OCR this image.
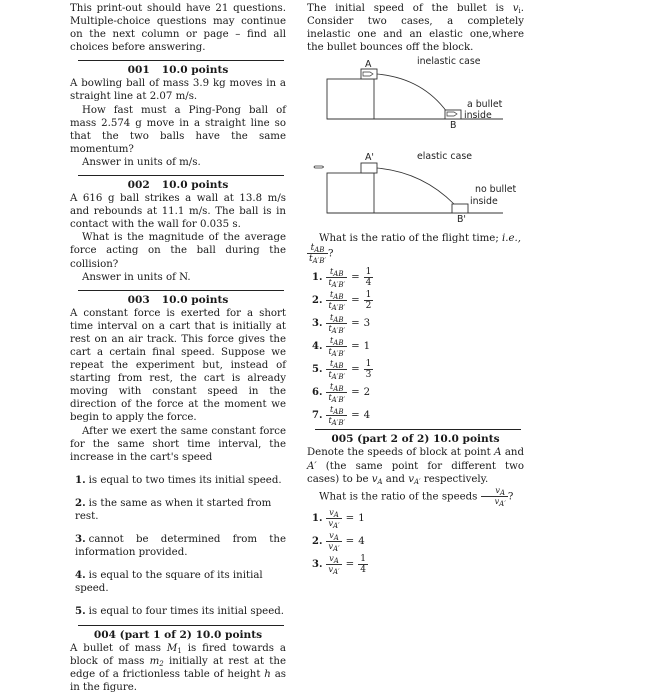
This print-out should have 21 questions. Multiple-choice questions may continue on the next column or page – find all choices before answering.

001 10.0 points

A bowling ball of mass 3.9 kg moves in a straight line at 2.07 m/s.

How fast must a Ping-Pong ball of mass 2.574 g move in a straight line so that the two balls have the same momentum?

Answer in units of m/s.

002 10.0 points

A 616 g ball strikes a wall at 13.8 m/s and rebounds at 11.1 m/s. The ball is in contact with the wall for 0.035 s.

What is the magnitude of the average force acting on the ball during the collision?

Answer in units of N.

003 10.0 points

A constant force is exerted for a short time interval on a cart that is initially at rest on an air track. This force gives the cart a certain final speed. Suppose we repeat the experiment but, instead of starting from rest, the cart is already moving with constant speed in the direction of the force at the moment we begin to apply the force.

After we exert the same constant force for the same short time interval, the increase in the cart's speed

1. is equal to two times its initial speed.
2. is the same as when it started from rest.
3. cannot be determined from the information provided.
4. is equal to the square of its initial speed.
5. is equal to four times its initial speed.
004 (part 1 of 2) 10.0 points

A bullet of mass $M_1$ is fired towards a block of mass $m_2$ initially at rest at the edge of a frictionless table of height h as in the figure.

The initial speed of the bullet is $v_i$. Consider two cases, a completely inelastic one and an elastic one,where the bullet bounces off the block.

inelastic case
A
a bullet
inside
B
elastic case
A'
no bullet
inside
B'

What is the ratio of the flight time; i.e.,

$\frac{t_{AB}}{t_{A'B'}}$ ?
1. $\frac{t_{AB}}{t_{A'B'}} = \frac{1}{4}$
2. $\frac{t_{AB}}{t_{A'B'}} = \frac{1}{2}$
3. $\frac{t_{AB}}{t_{A'B'}} = 3$
4. $\frac{t_{AB}}{t_{A'B'}} = 1$
5. $\frac{t_{AB}}{t_{A'B'}} = \frac{1}{3}$
6. $\frac{t_{AB}}{t_{A'B'}} = 2$
7. $\frac{t_{AB}}{t_{A'B'}} = 4$
005 (part 2 of 2) 10.0 points

Denote the speeds of block at point A and A′ (the same point for different two cases) to be $v_A$ and $v_{A'}$ respectively.

What is the ratio of the speeds $\frac{v_A}{v_{A'}}$ ?

1. $\frac{v_A}{v_{A'}} = 1$
2. $\frac{v_A}{v_{A'}} = 4$
3. $\frac{v_A}{v_{A'}} = \frac{1}{4}$
